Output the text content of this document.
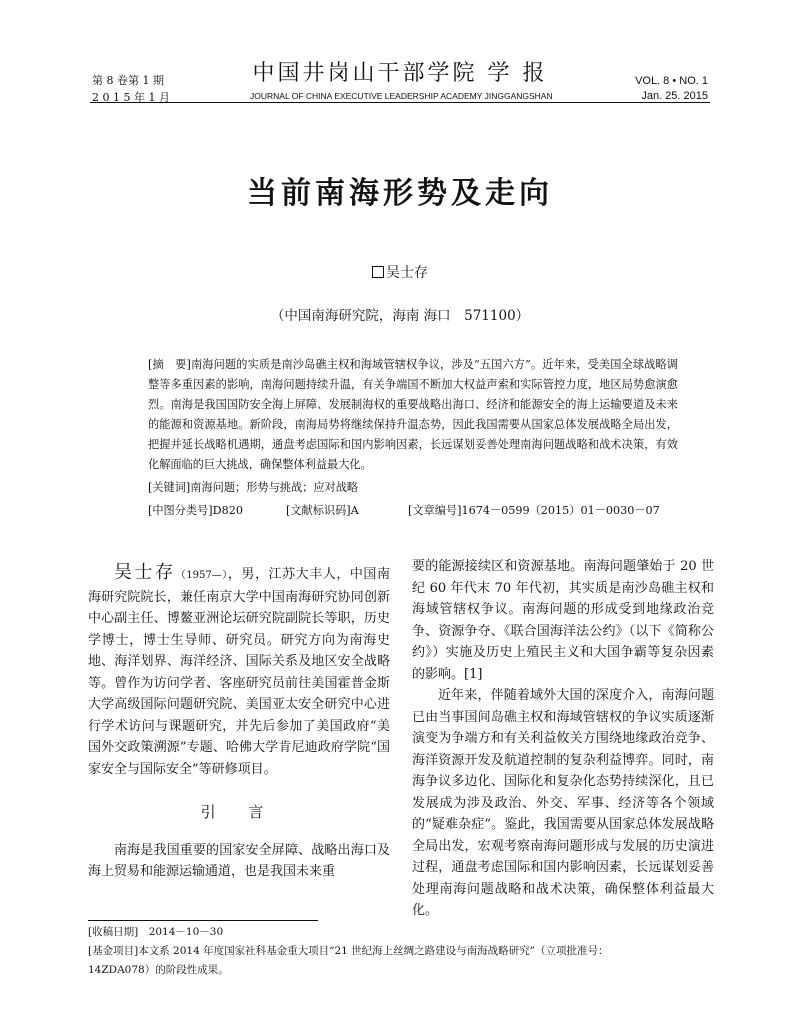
第 8 卷第 1 期
2 0 1 5 年 1 月
中国井岗山干部学院 学 报
JOURNAL OF CHINA EXECUTIVE LEADERSHIP ACADEMY JINGGANGSHAN
VOL. 8 • NO. 1
Jan. 25. 2015
当前南海形势及走向
吴士存
（中国南海研究院，海南 海口　571100）
[摘　要]南海问题的实质是南沙岛礁主权和海域管辖权争议，涉及“五国六方”。近年来，受美国全球战略调整等多重因素的影响，南海问题持续升温，有关争端国不断加大权益声索和实际管控力度，地区局势愈演愈烈。南海是我国国防安全海上屏障、发展制海权的重要战略出海口、经济和能源安全的海上运输要道及未来的能源和资源基地。新阶段，南海局势将继续保持升温态势，因此我国需要从国家总体发展战略全局出发，把握并延长战略机遇期，通盘考虑国际和国内影响因素，长远谋划妥善处理南海问题战略和战术决策，有效化解面临的巨大挑战，确保整体利益最大化。
[关键词]南海问题；形势与挑战；应对战略
[中图分类号]D820	[文献标识码]A	[文章编号]1674－0599（2015）01－0030－07

吴士存（1957—），男，江苏大丰人，中国南海研究院院长，兼任南京大学中国南海研究协同创新中心副主任、博鳌亚洲论坛研究院副院长等职，历史学博士，博士生导师、研究员。研究方向为南海史地、海洋划界、海洋经济、国际关系及地区安全战略等。曾作为访问学者、客座研究员前往美国霍普金斯大学高级国际问题研究院、美国亚太安全研究中心进行学术访问与课题研究，并先后参加了美国政府“美国外交政策溯源”专题、哈佛大学肯尼迪政府学院“国家安全与国际安全”等研修项目。

引 言

南海是我国重要的国家安全屏障、战略出海口及海上贸易和能源运输通道，也是我国未来重

要的能源接续区和资源基地。南海问题肇始于 20 世纪 60 年代末 70 年代初，其实质是南沙岛礁主权和海域管辖权争议。南海问题的形成受到地缘政治竞争、资源争夺、《联合国海洋法公约》（以下《简称公约》）实施及历史上殖民主义和大国争霸等复杂因素的影响。[1]

近年来，伴随着域外大国的深度介入，南海问题已由当事国间岛礁主权和海域管辖权的争议实质逐渐演变为争端方和有关利益攸关方围绕地缘政治竞争、海洋资源开发及航道控制的复杂利益博弈。同时，南海争议多边化、国际化和复杂化态势持续深化，且已发展成为涉及政治、外交、军事、经济等各个领域的“疑难杂症”。鉴此，我国需要从国家总体发展战略全局出发，宏观考察南海问题形成与发展的历史演进过程，通盘考虑国际和国内影响因素，长远谋划妥善处理南海问题战略和战术决策，确保整体利益最大化。

[收稿日期]　2014－10－30
[基金项目]本文系 2014 年度国家社科基金重大项目“21 世纪海上丝绸之路建设与南海战略研究”（立项批准号：
14ZDA078）的阶段性成果。
